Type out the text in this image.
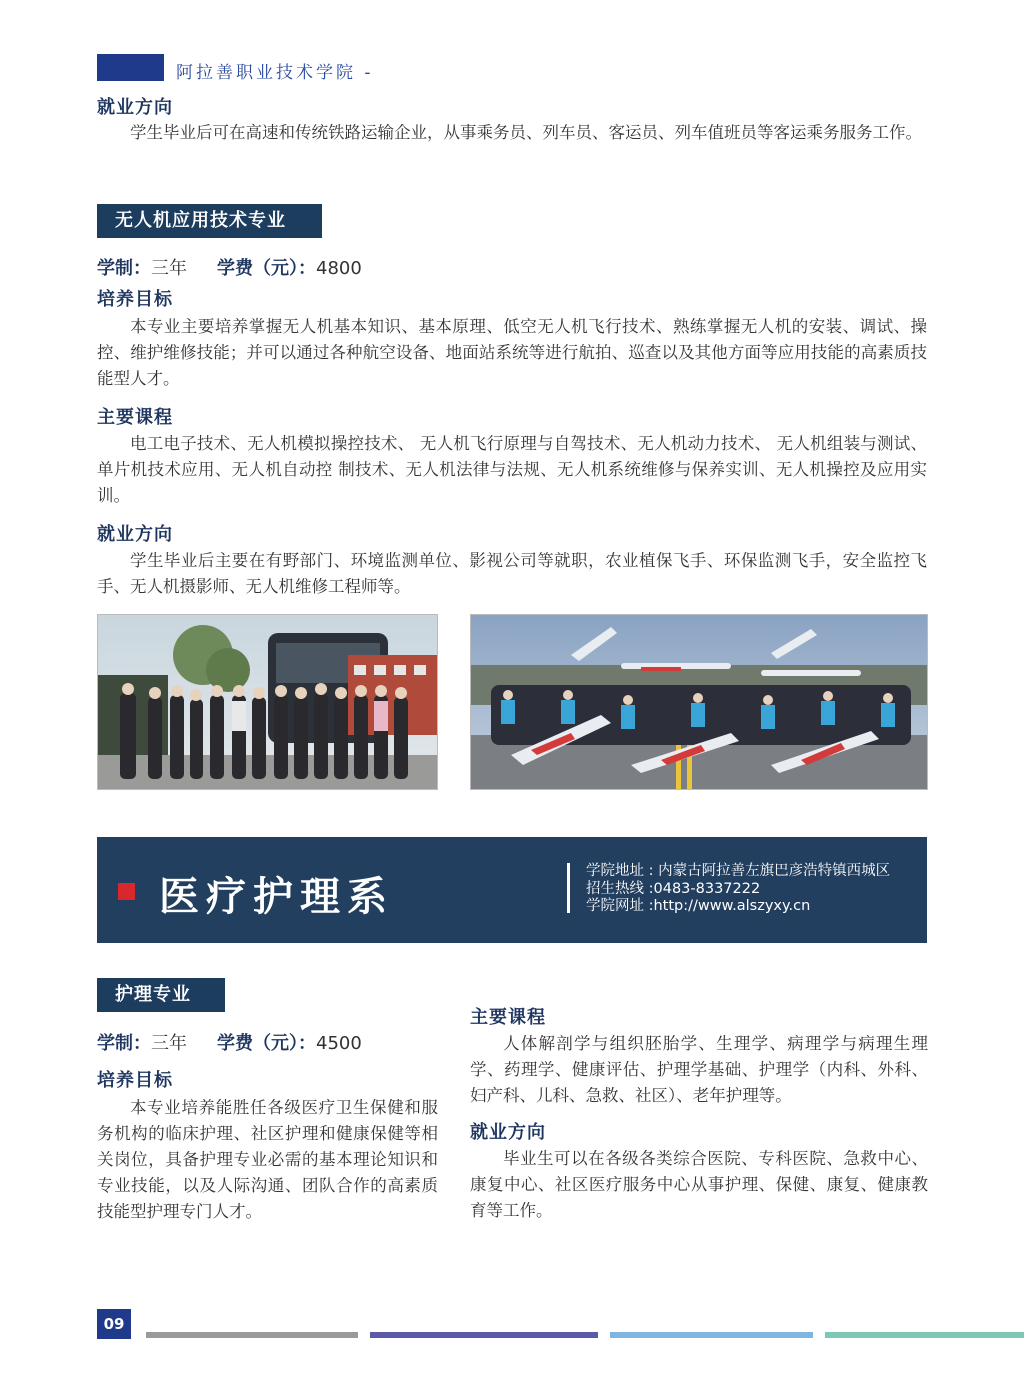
阿拉善职业技术学院 -
就业方向
学生毕业后可在高速和传统铁路运输企业，从事乘务员、列车员、客运员、列车值班员等客运乘务服务工作。
无人机应用技术专业
学制：三年 学费（元）：4800
培养目标
本专业主要培养掌握无人机基本知识、基本原理、低空无人机飞行技术、熟练掌握无人机的安装、调试、操控、维护维修技能；并可以通过各种航空设备、地面站系统等进行航拍、巡查以及其他方面等应用技能的高素质技能型人才。
主要课程
电工电子技术、无人机模拟操控技术、 无人机飞行原理与自驾技术、无人机动力技术、 无人机组装与测试、单片机技术应用、无人机自动控 制技术、无人机法律与法规、无人机系统维修与保养实训、无人机操控及应用实训。
就业方向
学生毕业后主要在有野部门、环境监测单位、影视公司等就职，农业植保飞手、环保监测飞手，安全监控飞手、无人机摄影师、无人机维修工程师等。
医疗护理系
学院地址 : 内蒙古阿拉善左旗巴彦浩特镇西城区
招生热线 :0483-8337222
学院网址 :http://www.alszyxy.cn
护理专业
学制：三年 学费（元）：4500
培养目标
本专业培养能胜任各级医疗卫生保健和服务机构的临床护理、社区护理和健康保健等相关岗位，具备护理专业必需的基本理论知识和专业技能，以及人际沟通、团队合作的高素质技能型护理专门人才。
主要课程
人体解剖学与组织胚胎学、生理学、病理学与病理生理学、药理学、健康评估、护理学基础、护理学（内科、外科、妇产科、儿科、急救、社区）、老年护理等。
就业方向
毕业生可以在各级各类综合医院、专科医院、急救中心、康复中心、社区医疗服务中心从事护理、保健、康复、健康教育等工作。
09
